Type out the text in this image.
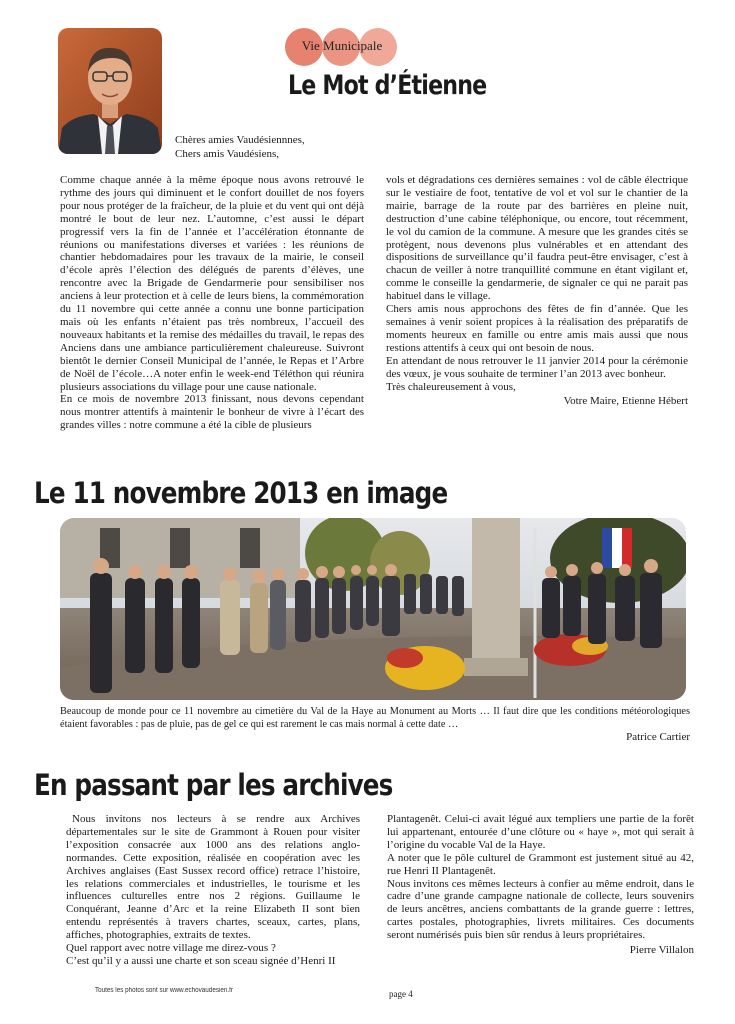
Vie Municipale
Le Mot d’Étienne
Chères amies Vaudésiennnes,
Chers amis Vaudésiens,

Comme chaque année à la même époque nous avons retrouvé le rythme des jours qui diminuent et le confort douillet de nos foyers pour nous protéger de la fraîcheur, de la pluie et du vent qui ont déjà montré le bout de leur nez. L’automne, c’est aussi le départ progressif vers la fin de l’année et l’accélération étonnante de réunions ou manifestations diverses et variées : les réunions de chantier hebdomadaires pour les travaux de la mairie, le conseil d’école après l’élection des délégués de parents d’élèves, une rencontre avec la Brigade de Gendarmerie pour sensibiliser nos anciens à leur protection et à celle de leurs biens, la commémoration du 11 novembre qui cette année a connu une bonne participation mais où les enfants n’étaient pas très nombreux, l’accueil des nouveaux habitants et la remise des médailles du travail, le repas des Anciens dans une ambiance particulièrement chaleureuse. Suivront bientôt le dernier Conseil Municipal de l’année, le Repas et l’Arbre de Noël de l’école…A noter enfin le week-end Téléthon qui réunira plusieurs associations du village pour une cause nationale.

En ce mois de novembre 2013 finissant, nous devons cependant nous montrer attentifs à maintenir le bonheur de vivre à l’écart des grandes villes : notre commune a été la cible de plusieurs

vols et dégradations ces dernières semaines : vol de câble électrique sur le vestiaire de foot, tentative de vol et vol sur le chantier de la mairie, barrage de la route par des barrières en pleine nuit, destruction d’une cabine téléphonique, ou encore, tout récemment, le vol du camion de la commune. A mesure que les grandes cités se protègent, nous devenons plus vulnérables et en attendant des dispositions de surveillance qu’il faudra peut-être envisager, c’est à chacun de veiller à notre tranquillité commune en étant vigilant et, comme le conseille la gendarmerie, de signaler ce qui ne parait pas habituel dans le village.

Chers amis nous approchons des fêtes de fin d’année. Que les semaines à venir soient propices à la réalisation des préparatifs de moments heureux en famille ou entre amis mais aussi que nous restions attentifs à ceux qui ont besoin de nous.

En attendant de nous retrouver le 11 janvier 2014 pour la cérémonie des vœux, je vous souhaite de terminer l’an 2013 avec bonheur.

Très chaleureusement à vous,

Votre Maire, Etienne Hébert

Le 11 novembre 2013 en image
Beaucoup de monde pour ce 11 novembre au cimetière du Val de la Haye au Monument au Morts … Il faut dire que les conditions météorologiques étaient favorables : pas de pluie, pas de gel ce qui est rarement le cas mais normal à cette date …
Patrice Cartier
En passant par les archives

Nous invitons nos lecteurs à se rendre aux Archives départementales sur le site de Grammont à Rouen pour visiter l’exposition consacrée aux 1000 ans des relations anglo-normandes. Cette exposition, réalisée en coopération avec les Archives anglaises (East Sussex record office) retrace l’histoire, les relations commerciales et industrielles, le tourisme et les influences culturelles entre nos 2 régions. Guillaume le Conquérant, Jeanne d’Arc et la reine Elizabeth II sont bien entendu représentés à travers chartes, sceaux, cartes, plans, affiches, photographies, extraits de textes.

Quel rapport avec notre village me direz-vous ?

C’est qu’il y a aussi une charte et son sceau signée d’Henri II

Plantagenêt. Celui-ci avait légué aux templiers une partie de la forêt lui appartenant, entourée d’une clôture ou « haye », mot qui serait à l’origine du vocable Val de la Haye.

A noter que le pôle culturel de Grammont est justement situé au 42, rue Henri II Plantagenêt.

Nous invitons ces mêmes lecteurs à confier au même endroit, dans le cadre d’une grande campagne nationale de collecte, leurs souvenirs de leurs ancêtres, anciens combattants de la grande guerre : lettres, cartes postales, photographies, livrets militaires. Ces documents seront numérisés puis bien sûr rendus à leurs propriétaires.

Pierre Villalon

Toutes les photos sont sur www.echovaudesien.fr	page 4
